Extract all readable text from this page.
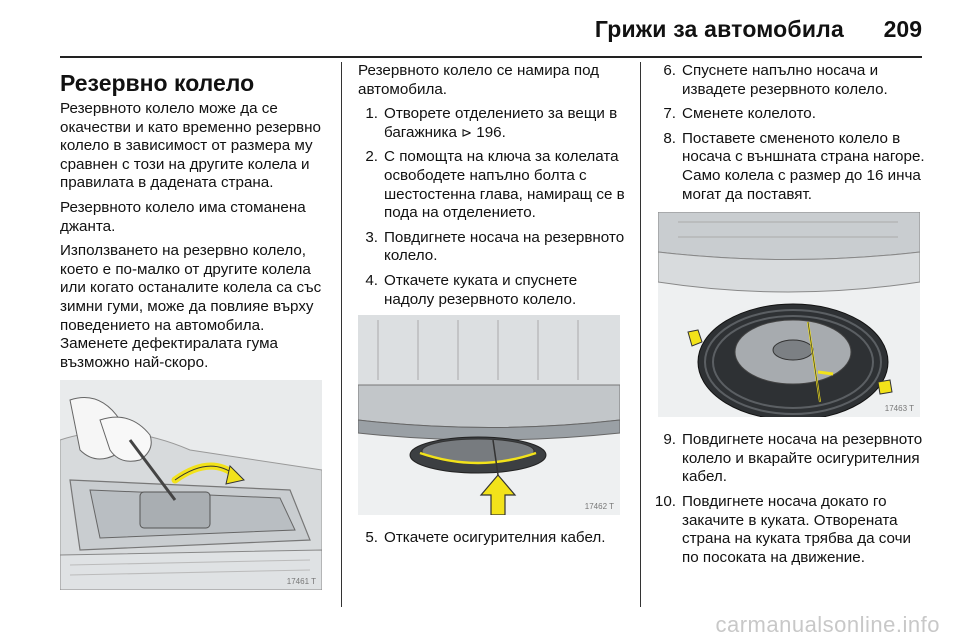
Грижи за автомобила 209
Резервно колело

Резервното колело може да се окачестви и като временно резервно колело в зависимост от размера му сравнен с този на другите колела и правилата в дадената страна.

Резервното колело има стоманена джанта.

Използването на резервно колело, което е по-малко от другите колела или когато останалите колела са със зимни гуми, може да повлияе върху поведението на автомобила. Заменете дефектиралата гума възможно най-скоро.

17461 T

Резервното колело се намира под автомобила.

1. Отворете отделението за вещи в багажника ⊳ 196.
2. С помощта на ключа за колелата освободете напълно болта с шестостенна глава, намиращ се в пода на отделението.
3. Повдигнете носача на резервното колело.
4. Откачете куката и спуснете надолу резервното колело.
17462 T
5. Откачете осигурителния кабел.
6. Спуснете напълно носача и извадете резервното колело.
7. Сменете колелото.
8. Поставете смененото колело в носача с външната страна нагоре. Само колела с размер до 16 инча могат да поставят.
17463 T
9. Повдигнете носача на резервното колело и вкарайте осигурителния кабел.
10. Повдигнете носача докато го закачите в куката. Отворената страна на куката трябва да сочи по посоката на движение.
carmanualsonline.info
